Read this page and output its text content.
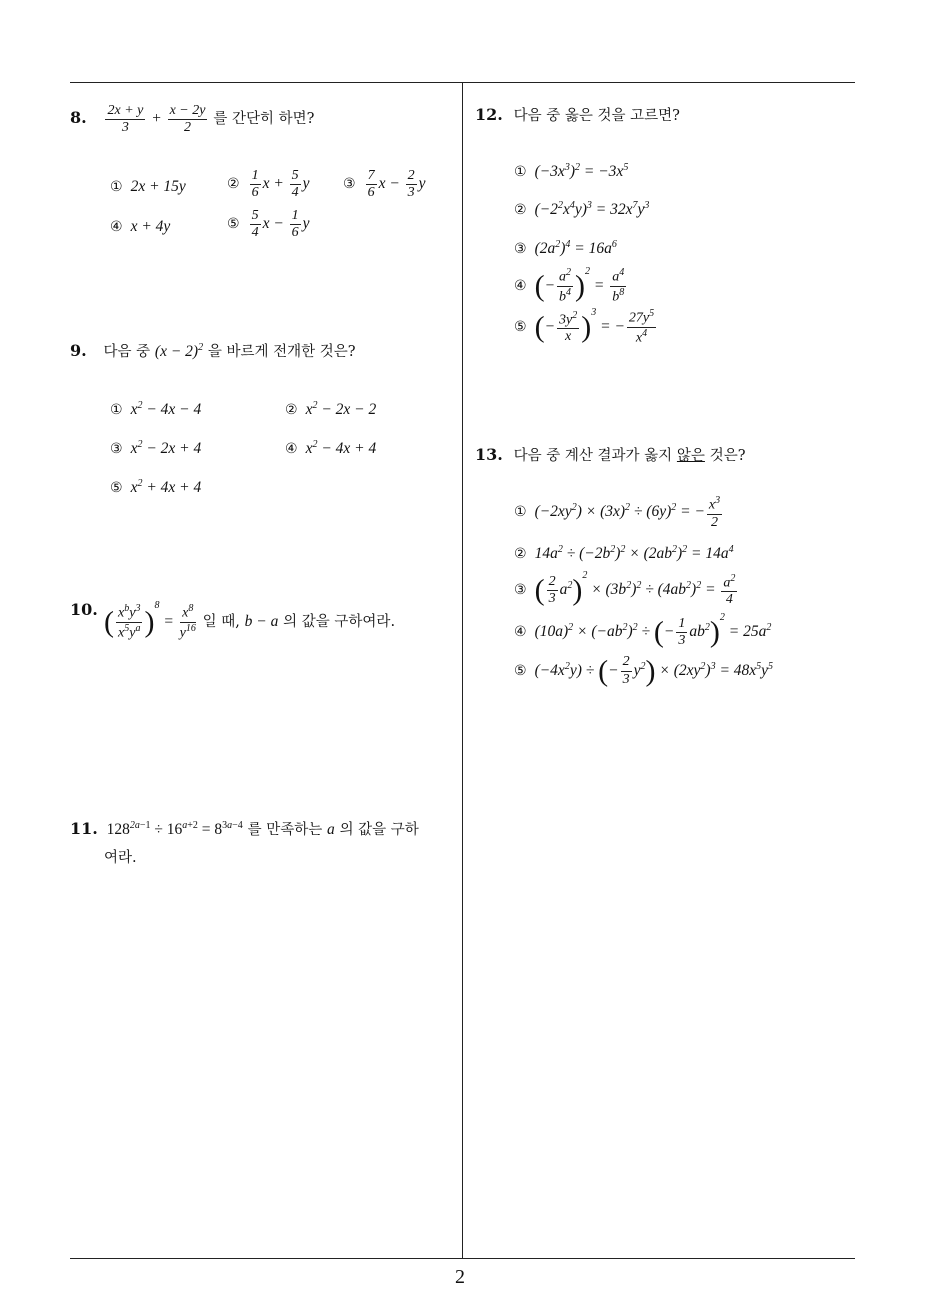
8. $\frac{2x + y}{3} + \frac{x - 2y}{2}$ 를 간단히 하면?
① 2x + 15y	② $\frac{1}{6}$ $x + \frac{5}{4}$ y ③ $\frac{7}{6}$ $x - \frac{2}{3}$ y
④ x + 4y	⑤ $\frac{5}{4}$ $x - \frac{1}{6}$ y
9. 다음 중 $(x - 2)^2$ 을 바르게 전개한 것은?
① $x^2 - 4x - 4$	② $x^2 - 2x - 2$
③ $x^2 - 2x + 4$	④ $x^2 - 4x + 4$
⑤ $x^2 + 4x + 4$
10. ( $\frac{x^by^3}{x^5y^a} )^8 = \frac{x^8}{y^{16}}$ 일 때, b − a 의 값을 구하여라.
11. $128^{2a-1} \div 16^{a+2} = 8^{3a-4}$ 를 만족하는 a 의 값을 구하
여라.
12. 다음 중 옳은 것을 고르면?
① $(-3x^3)^2 = -3x^5$
② $(-2^2x^4y)^3 = 32x^7y^3$
③ $(2a^2)^4 = 16a^6$
④ (− $\frac{a^2}{b^4} )^2 = \frac{a^4}{b^8}$
⑤ (− $\frac{3y^2}{x} )^3$ = − $\frac{27y^5}{x^4}$
13. 다음 중 계산 결과가 옳지 않은 것은?
① $(-2xy^2) \times (3x)^2 \div (6y)^2$ = − $\frac{x^3}{2}$
② $14a^2 \div (-2b^2)^2 \times (2ab^2)^2 = 14a^4$
③ ( $\frac{2}{3} a^2)^2 \times (3b^2)^2 \div (4ab^2)^2 = \frac{a^2}{4}$
④ $(10a)^2 \times (-ab^2)^2$ ÷ (− $\frac{1}{3} ab^2)^2 = 25a^2$
⑤ $(-4x^2y)$ ÷ (− $\frac{2}{3} y^2) \times (2xy^2)^3 = 48x^5y^5$
2
